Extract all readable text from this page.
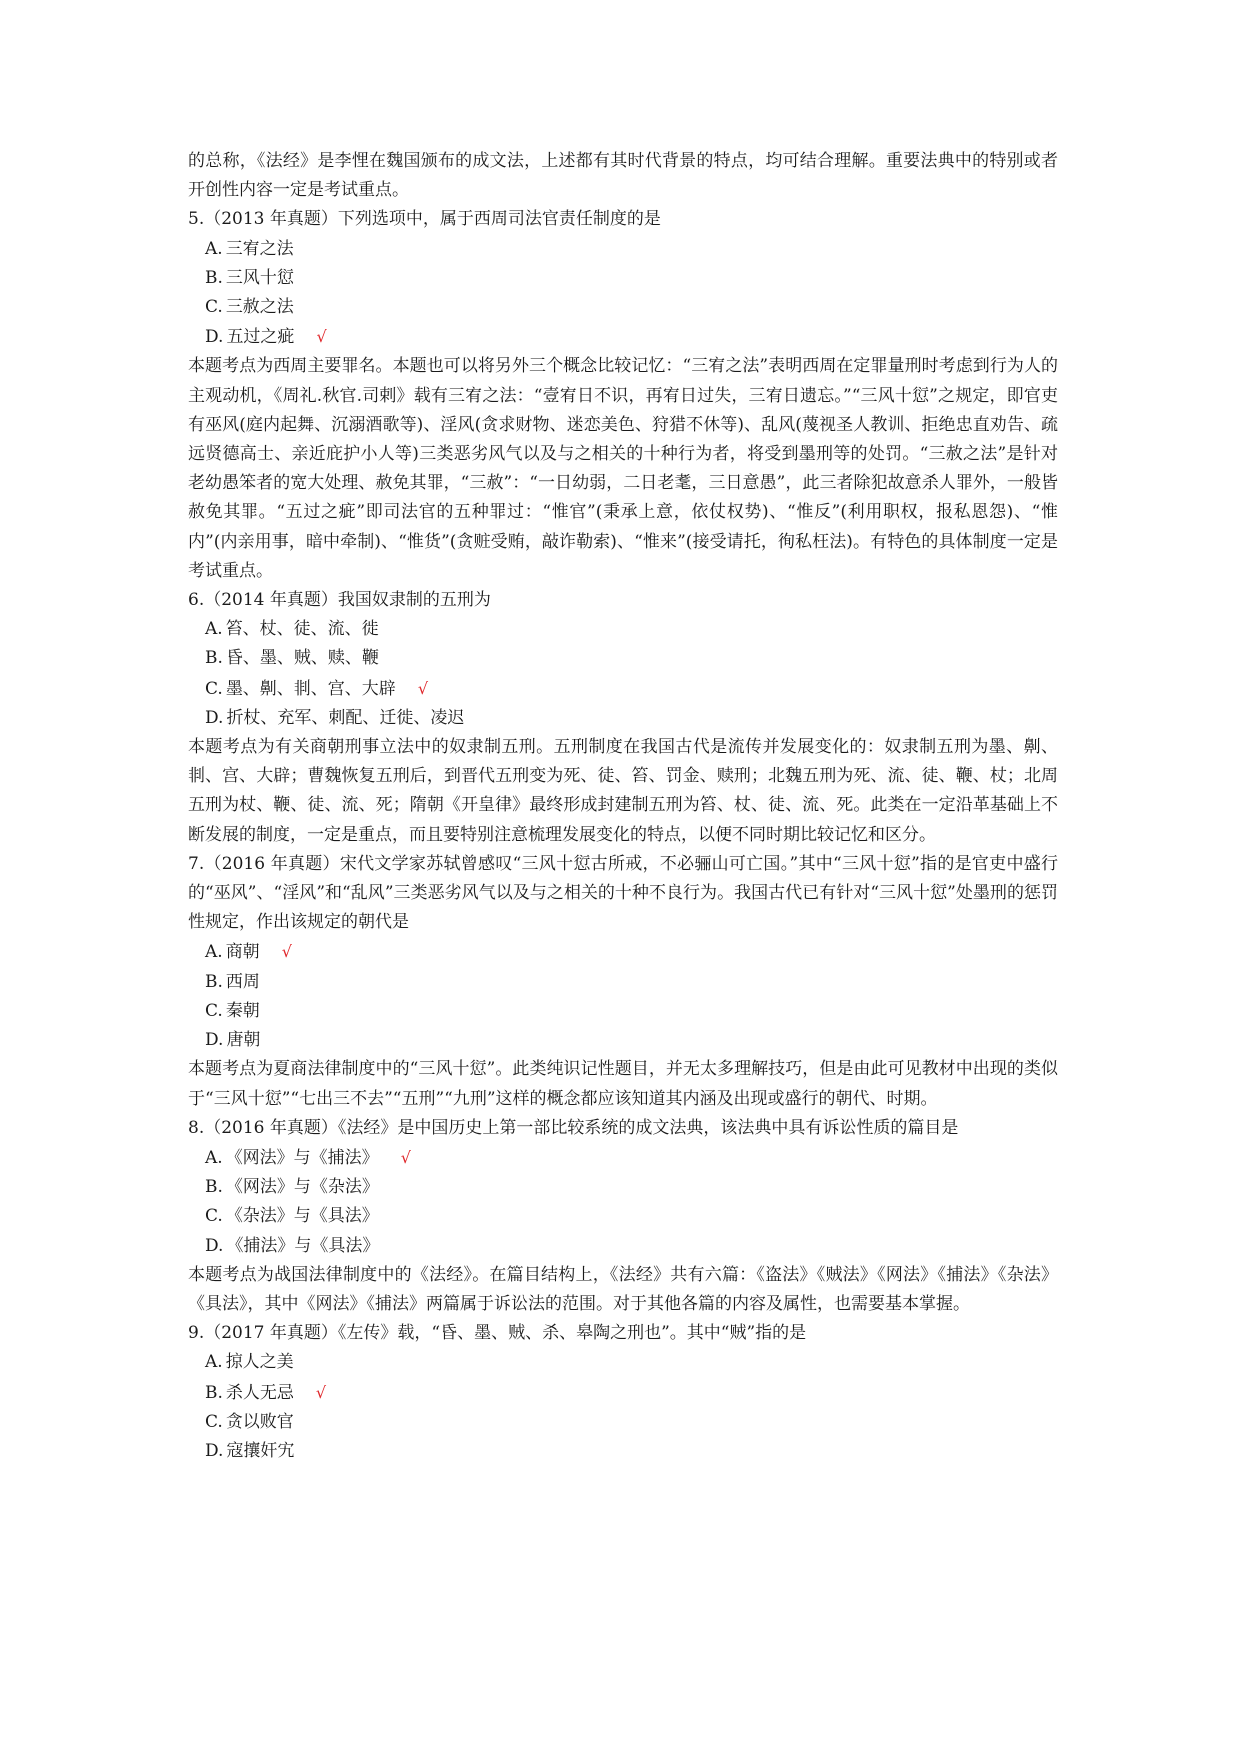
的总称，《法经》是李悝在魏国颁布的成文法，上述都有其时代背景的特点，均可结合理解。重要法典中的特别或者开创性内容一定是考试重点。

5.（2013 年真题）下列选项中，属于西周司法官责任制度的是

A. 三宥之法
B. 三风十愆
C. 三赦之法
D. 五过之疵 √

本题考点为西周主要罪名。本题也可以将另外三个概念比较记忆：“三宥之法”表明西周在定罪量刑时考虑到行为人的主观动机，《周礼.秋官.司剌》载有三宥之法：“壹宥日不识，再宥日过失，三宥日遗忘。”“三风十愆”之规定，即官吏有巫风(庭内起舞、沉溺酒歌等)、淫风(贪求财物、迷恋美色、狩猎不休等)、乱风(蔑视圣人教训、拒绝忠直劝告、疏远贤德高士、亲近庇护小人等)三类恶劣风气以及与之相关的十种行为者，将受到墨刑等的处罚。“三赦之法”是针对老幼愚笨者的宽大处理、赦免其罪，“三赦”：“一日幼弱，二日老耄，三日意愚”，此三者除犯故意杀人罪外，一般皆赦免其罪。“五过之疵”即司法官的五种罪过：“惟官”(秉承上意，依仗权势)、“惟反”(利用职权，报私恩怨)、“惟内”(内亲用事，暗中牵制)、“惟货”(贪赃受贿，敲诈勒索)、“惟来”(接受请托，徇私枉法)。有特色的具体制度一定是考试重点。

6.（2014 年真题）我国奴隶制的五刑为

A. 笞、杖、徒、流、徙
B. 昏、墨、贼、赎、鞭
C. 墨、劓、剕、宫、大辟 √
D. 折杖、充军、刺配、迁徙、凌迟

本题考点为有关商朝刑事立法中的奴隶制五刑。五刑制度在我国古代是流传并发展变化的：奴隶制五刑为墨、劓、剕、宫、大辟；曹魏恢复五刑后，到晋代五刑变为死、徒、笞、罚金、赎刑；北魏五刑为死、流、徒、鞭、杖；北周五刑为杖、鞭、徒、流、死；隋朝《开皇律》最终形成封建制五刑为笞、杖、徒、流、死。此类在一定沿革基础上不断发展的制度，一定是重点，而且要特别注意梳理发展变化的特点，以便不同时期比较记忆和区分。

7.（2016 年真题）宋代文学家苏轼曾感叹“三风十愆古所戒，不必骊山可亡国。”其中“三风十愆”指的是官吏中盛行的“巫风”、“淫风”和“乱风”三类恶劣风气以及与之相关的十种不良行为。我国古代已有针对“三风十愆”处墨刑的惩罚性规定，作出该规定的朝代是

A. 商朝 √
B. 西周
C. 秦朝
D. 唐朝

本题考点为夏商法律制度中的“三风十愆”。此类纯识记性题目，并无太多理解技巧，但是由此可见教材中出现的类似于“三风十愆”“七出三不去”“五刑”“九刑”这样的概念都应该知道其内涵及出现或盛行的朝代、时期。

8.（2016 年真题）《法经》是中国历史上第一部比较系统的成文法典，该法典中具有诉讼性质的篇目是

A. 《网法》与《捕法》 √
B. 《网法》与《杂法》
C. 《杂法》与《具法》
D. 《捕法》与《具法》

本题考点为战国法律制度中的《法经》。在篇目结构上，《法经》共有六篇：《盗法》《贼法》《网法》《捕法》《杂法》《具法》，其中《网法》《捕法》两篇属于诉讼法的范围。对于其他各篇的内容及属性，也需要基本掌握。

9.（2017 年真题）《左传》载，“昏、墨、贼、杀、皋陶之刑也”。其中“贼”指的是

A. 掠人之美
B. 杀人无忌 √
C. 贪以败官
D. 寇攘奸宄
